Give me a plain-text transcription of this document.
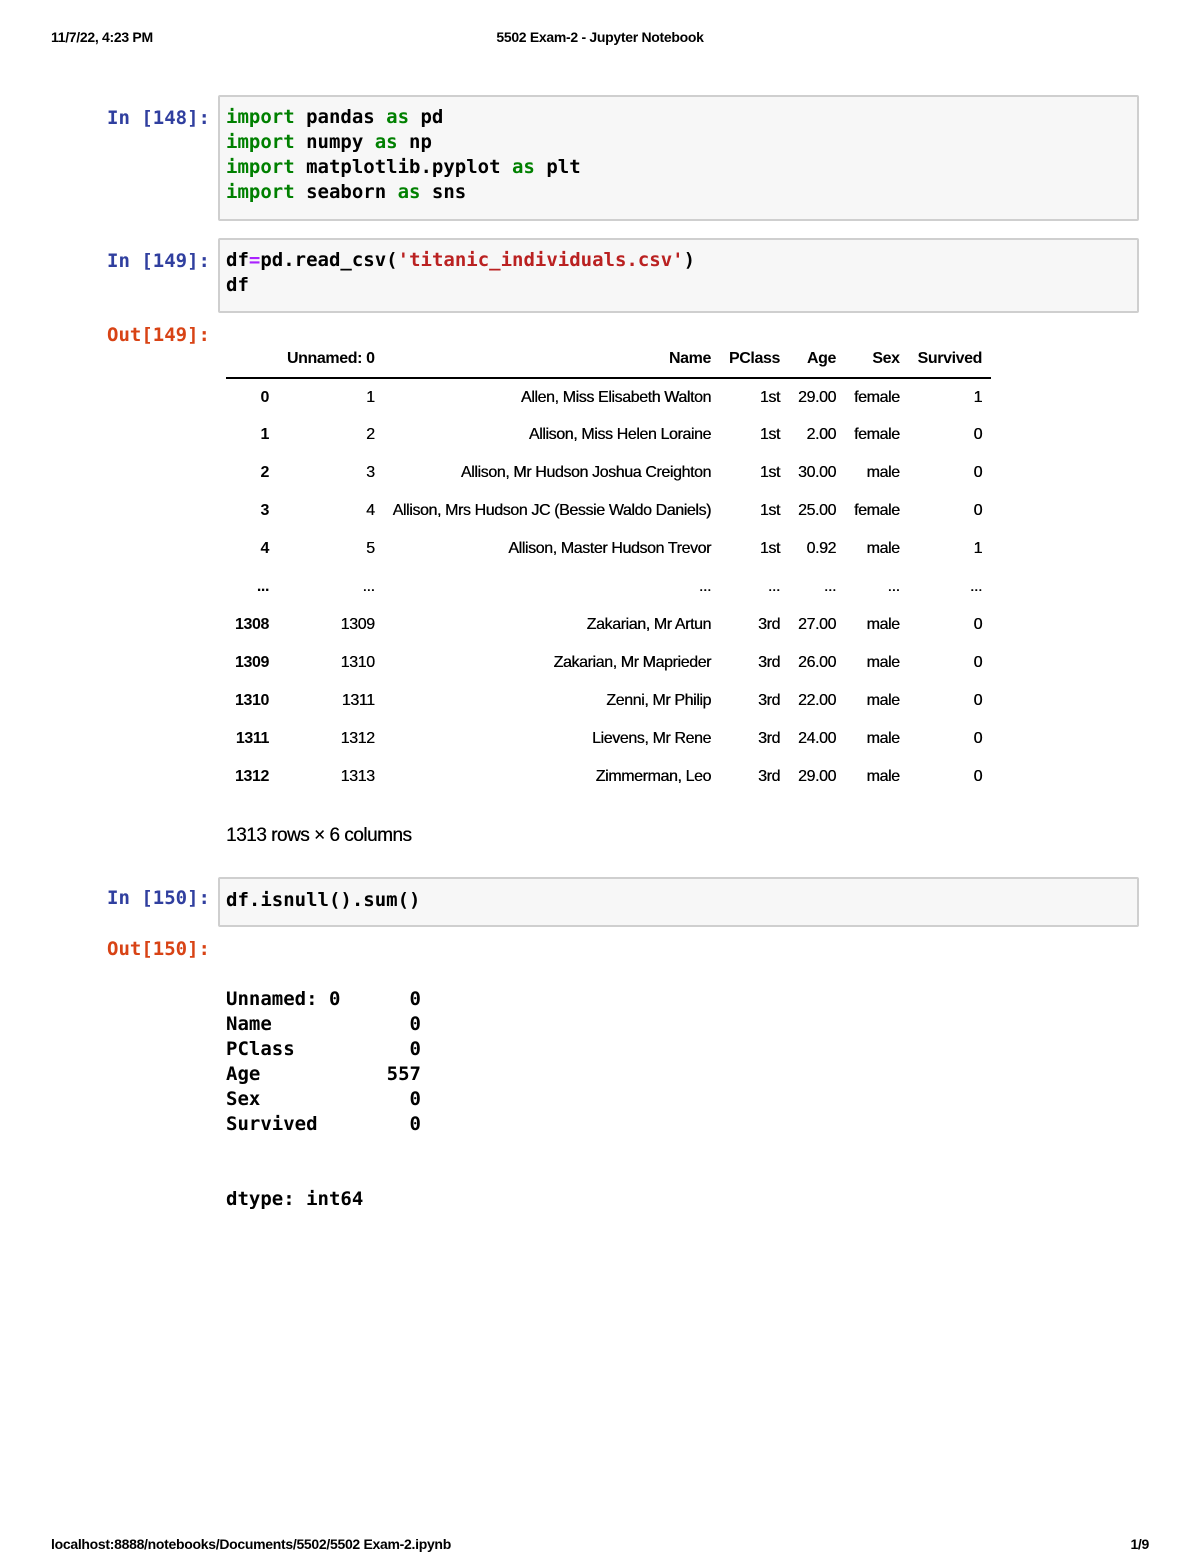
11/7/22, 4:23 PM	5502 Exam-2 - Jupyter Notebook
In [148]: import pandas as pd
import numpy as np
import matplotlib.pyplot as plt
import seaborn as sns
In [149]: df=pd.read_csv('titanic_individuals.csv')
df
Out[149]:
	Unnamed: 0	Name	PClass	Age	Sex	Survived
0	1	Allen, Miss Elisabeth Walton	1st	29.00	female	1
1	2	Allison, Miss Helen Loraine	1st	2.00	female	0
2	3	Allison, Mr Hudson Joshua Creighton	1st	30.00	male	0
3	4	Allison, Mrs Hudson JC (Bessie Waldo Daniels)	1st	25.00	female	0
4	5	Allison, Master Hudson Trevor	1st	0.92	male	1
...	...	...	...	...	...	...
1308	1309	Zakarian, Mr Artun	3rd	27.00	male	0
1309	1310	Zakarian, Mr Maprieder	3rd	26.00	male	0
1310	1311	Zenni, Mr Philip	3rd	22.00	male	0
1311	1312	Lievens, Mr Rene	3rd	24.00	male	0
1312	1313	Zimmerman, Leo	3rd	29.00	male	0
1313 rows × 6 columns
In [150]: df.isnull().sum()
Out[150]:

Unnamed: 0	0
Name	0
PClass	0
Age	557
Sex	0
Survived	0

dtype: int64

localhost:8888/notebooks/Documents/5502/5502 Exam-2.ipynb	1/9
